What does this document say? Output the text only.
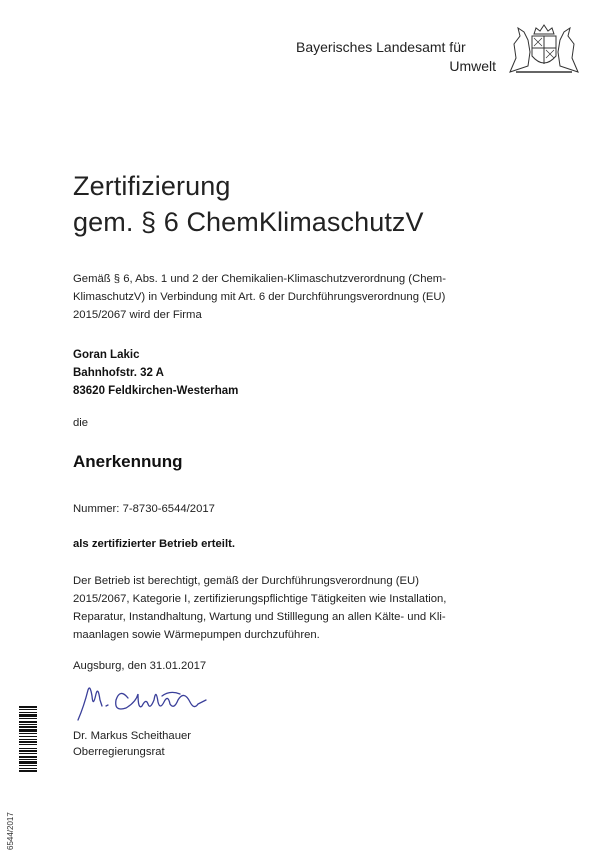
Bayerisches Landesamt für
Umwelt
Zertifizierung
gem. § 6 ChemKlimaschutzV
Gemäß § 6, Abs. 1 und 2 der Chemikalien-Klimaschutzverordnung (Chem-
KlimaschutzV) in Verbindung mit Art. 6 der Durchführungsverordnung (EU)
2015/2067 wird der Firma
Goran Lakic
Bahnhofstr. 32 A
83620 Feldkirchen-Westerham
die
Anerkennung
Nummer: 7-8730-6544/2017
als zertifizierter Betrieb erteilt.
Der Betrieb ist berechtigt, gemäß der Durchführungsverordnung (EU)
2015/2067, Kategorie I, zertifizierungspflichtige Tätigkeiten wie Installation,
Reparatur, Instandhaltung, Wartung und Stilllegung an allen Kälte- und Kli-
maanlagen sowie Wärmepumpen durchzuführen.
Augsburg, den 31.01.2017
Dr. Markus Scheithauer
Oberregierungsrat
6544/2017
